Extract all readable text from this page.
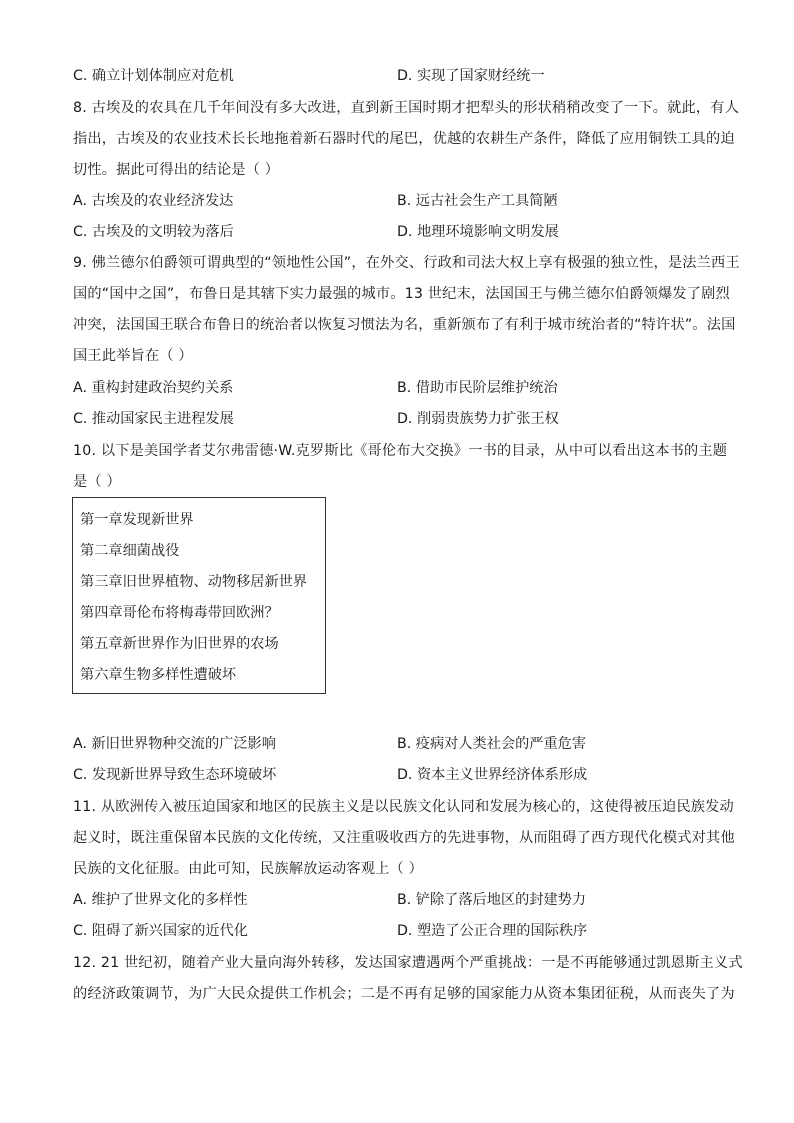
C. 确立计划体制应对危机	D. 实现了国家财经统一
8. 古埃及的农具在几千年间没有多大改进，直到新王国时期才把犁头的形状稍稍改变了一下。就此，有人
指出，古埃及的农业技术长长地拖着新石器时代的尾巴，优越的农耕生产条件，降低了应用铜铁工具的迫
切性。据此可得出的结论是（ ）
A. 古埃及的农业经济发达	B. 远古社会生产工具简陋
C. 古埃及的文明较为落后	D. 地理环境影响文明发展
9. 佛兰德尔伯爵领可谓典型的“领地性公国”，在外交、行政和司法大权上享有极强的独立性，是法兰西王
国的“国中之国”，布鲁日是其辖下实力最强的城市。13 世纪末，法国国王与佛兰德尔伯爵领爆发了剧烈
冲突，法国国王联合布鲁日的统治者以恢复习惯法为名，重新颁布了有利于城市统治者的“特许状”。法国
国王此举旨在（ ）
A. 重构封建政治契约关系	B. 借助市民阶层维护统治
C. 推动国家民主进程发展	D. 削弱贵族势力扩张王权
10. 以下是美国学者艾尔弗雷德·W.克罗斯比《哥伦布大交换》一书的目录，从中可以看出这本书的主题
是（ ）
第一章发现新世界
第二章细菌战役
第三章旧世界植物、动物移居新世界
第四章哥伦布将梅毒带回欧洲？
第五章新世界作为旧世界的农场
第六章生物多样性遭破坏
A. 新旧世界物种交流的广泛影响	B. 疫病对人类社会的严重危害
C. 发现新世界导致生态环境破坏	D. 资本主义世界经济体系形成
11. 从欧洲传入被压迫国家和地区的民族主义是以民族文化认同和发展为核心的，这使得被压迫民族发动
起义时，既注重保留本民族的文化传统，又注重吸收西方的先进事物，从而阻碍了西方现代化模式对其他
民族的文化征服。由此可知，民族解放运动客观上（ ）
A. 维护了世界文化的多样性	B. 铲除了落后地区的封建势力
C. 阻碍了新兴国家的近代化	D. 塑造了公正合理的国际秩序
12. 21 世纪初，随着产业大量向海外转移，发达国家遭遇两个严重挑战：一是不再能够通过凯恩斯主义式
的经济政策调节，为广大民众提供工作机会；二是不再有足够的国家能力从资本集团征税，从而丧失了为
